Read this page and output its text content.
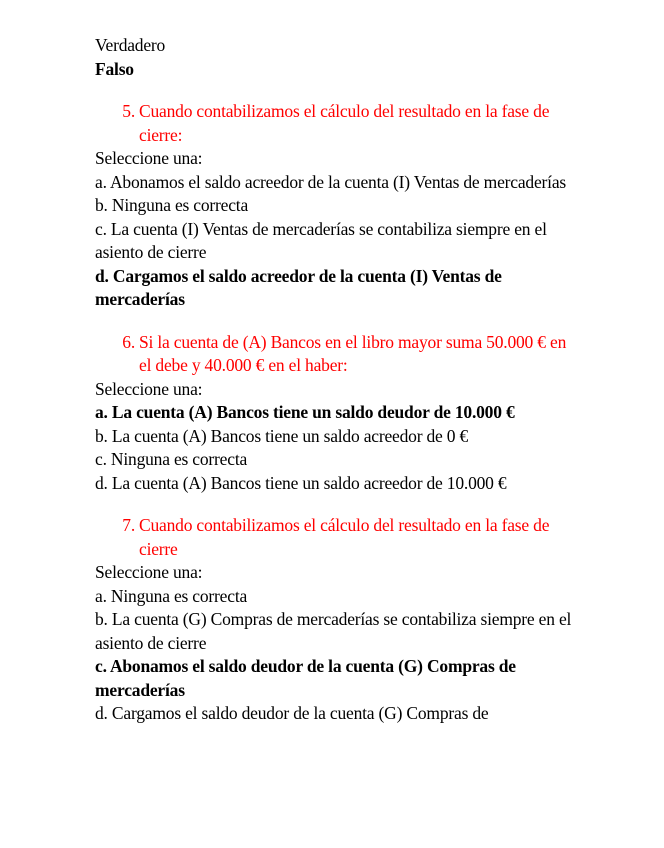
Verdadero
Falso
5. Cuando contabilizamos el cálculo del resultado en la fase de cierre:
Seleccione una:
a. Abonamos el saldo acreedor de la cuenta (I) Ventas de mercaderías
b. Ninguna es correcta
c. La cuenta (I) Ventas de mercaderías se contabiliza siempre en el asiento de cierre
d. Cargamos el saldo acreedor de la cuenta (I) Ventas de mercaderías
6. Si la cuenta de (A) Bancos en el libro mayor suma 50.000 € en el debe y 40.000 € en el haber:
Seleccione una:
a. La cuenta (A) Bancos tiene un saldo deudor de 10.000 €
b. La cuenta (A) Bancos tiene un saldo acreedor de 0 €
c. Ninguna es correcta
d. La cuenta (A) Bancos tiene un saldo acreedor de 10.000 €
7. Cuando contabilizamos el cálculo del resultado en la fase de cierre
Seleccione una:
a. Ninguna es correcta
b. La cuenta (G) Compras de mercaderías se contabiliza siempre en el asiento de cierre
c. Abonamos el saldo deudor de la cuenta (G) Compras de mercaderías
d. Cargamos el saldo deudor de la cuenta (G) Compras de
